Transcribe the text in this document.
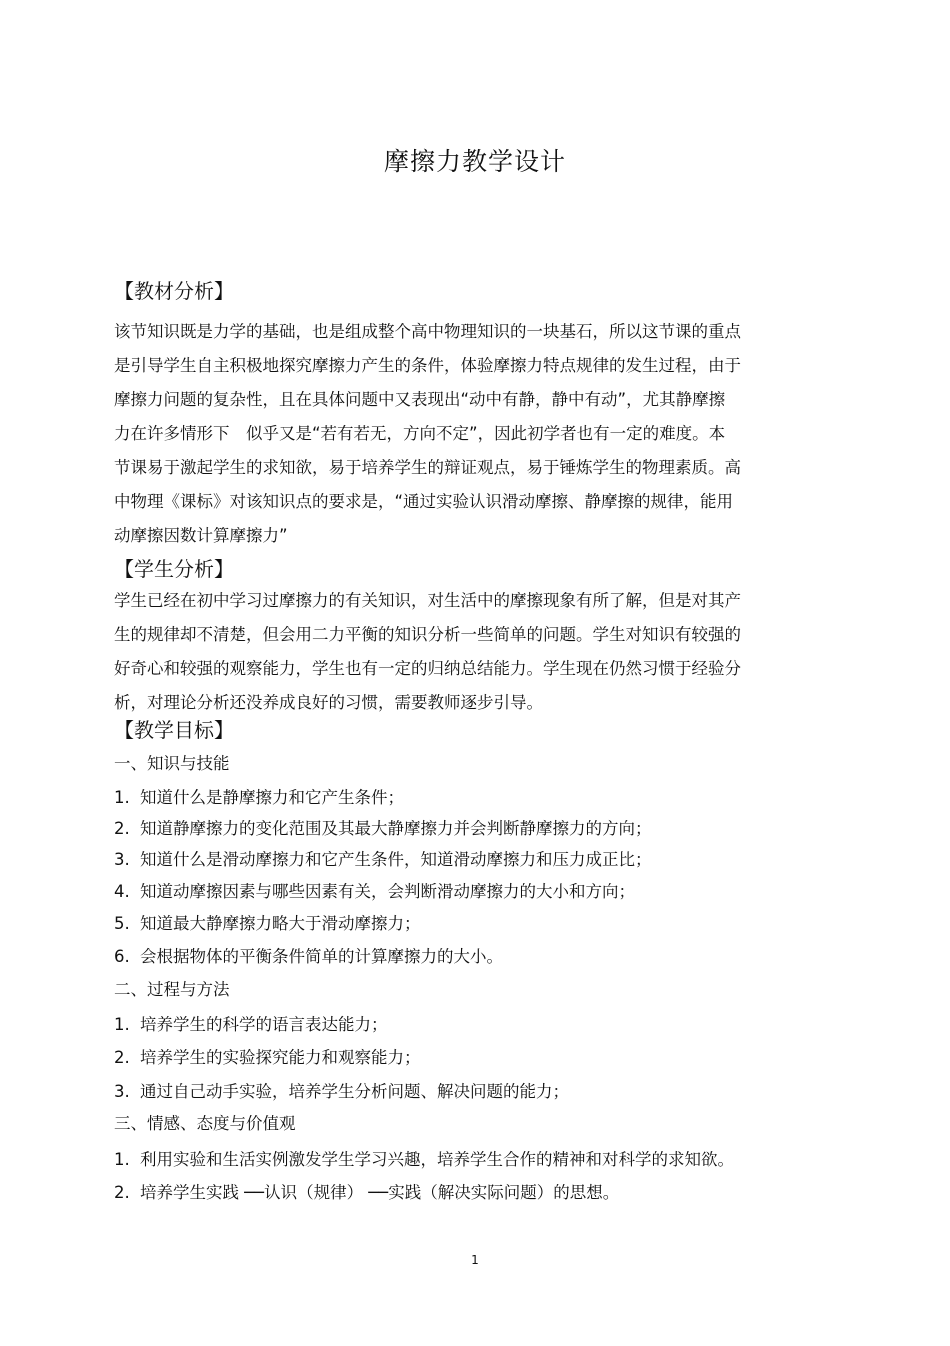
摩擦力教学设计
【教材分析】
该节知识既是力学的基础，也是组成整个高中物理知识的一块基石，所以这节课的重点
是引导学生自主积极地探究摩擦力产生的条件，体验摩擦力特点规律的发生过程，由于
摩擦力问题的复杂性，且在具体问题中又表现出“动中有静，静中有动”，尤其静摩擦
力在许多情形下　似乎又是“若有若无，方向不定”，因此初学者也有一定的难度。本
节课易于激起学生的求知欲，易于培养学生的辩证观点，易于锤炼学生的物理素质。高
中物理《课标》对该知识点的要求是，“通过实验认识滑动摩擦、静摩擦的规律，能用
动摩擦因数计算摩擦力”
【学生分析】
学生已经在初中学习过摩擦力的有关知识，对生活中的摩擦现象有所了解，但是对其产
生的规律却不清楚，但会用二力平衡的知识分析一些简单的问题。学生对知识有较强的
好奇心和较强的观察能力，学生也有一定的归纳总结能力。学生现在仍然习惯于经验分
析，对理论分析还没养成良好的习惯，需要教师逐步引导。
【教学目标】
一、知识与技能
1. 知道什么是静摩擦力和它产生条件；
2. 知道静摩擦力的变化范围及其最大静摩擦力并会判断静摩擦力的方向；
3. 知道什么是滑动摩擦力和它产生条件，知道滑动摩擦力和压力成正比；
4. 知道动摩擦因素与哪些因素有关，会判断滑动摩擦力的大小和方向；
5. 知道最大静摩擦力略大于滑动摩擦力；
6. 会根据物体的平衡条件简单的计算摩擦力的大小。
二、过程与方法
1. 培养学生的科学的语言表达能力；
2. 培养学生的实验探究能力和观察能力；
3. 通过自己动手实验，培养学生分析问题、解决问题的能力；
三、情感、态度与价值观
1. 利用实验和生活实例激发学生学习兴趣，培养学生合作的精神和对科学的求知欲。
2. 培养学生实践 ──认识（规律） ──实践（解决实际问题）的思想。
1
